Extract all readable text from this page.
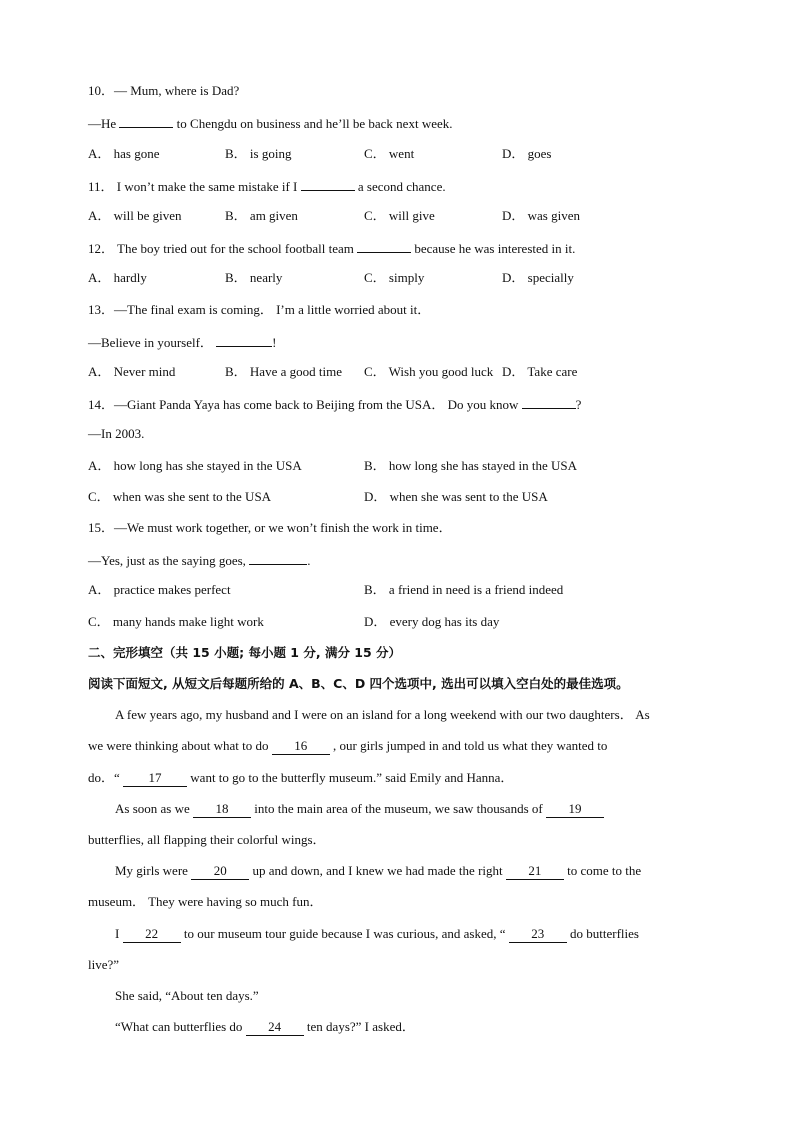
10．— Mum, where is Dad?
—He	to Chengdu on business and he’ll be back next week.
A． has gone	B． is going	C． went	D． goes
11． I won’t make the same mistake if I	a second chance.
A． will be given	B． am given	C． will give	D． was given
12． The boy tried out for the school football team	because he was interested in it.
A． hardly	B． nearly	C． simply	D． specially
13．—The final exam is coming． I’m a little worried about it．
—Believe in yourself．	!
A． Never mind	B． Have a good time C． Wish you good luck D． Take care
14．—Giant Panda Yaya has come back to Beijing from the USA． Do you know	?
—In 2003.
A． how long has she stayed in the USA	B． how long she has stayed in the USA
C． when was she sent to the USA	D． when she was sent to the USA
15．—We must work together, or we won’t finish the work in time．
—Yes, just as the saying goes,	.
A． practice makes perfect	B． a friend in need is a friend indeed
C． many hands make light work	D． every dog has its day
二、完形填空（共 15 小题; 每小题 1 分, 满分 15 分）
阅读下面短文, 从短文后每题所给的 A、B、C、D 四个选项中, 选出可以填入空白处的最佳选项。
A few years ago, my husband and I were on an island for a long weekend with our two daughters． As
we were thinking about what to do 16 , our girls jumped in and told us what they wanted to
do．“ 17 want to go to the butterfly museum.” said Emily and Hanna．
As soon as we 18 into the main area of the museum, we saw thousands of 19
butterflies, all flapping their colorful wings．
My girls were 20 up and down, and I knew we had made the right 21 to come to the
museum． They were having so much fun．
I 22 to our museum tour guide because I was curious, and asked, “ 23 do butterflies
live?”
She said, “About ten days.”
“What can butterflies do 24 ten days?” I asked．
